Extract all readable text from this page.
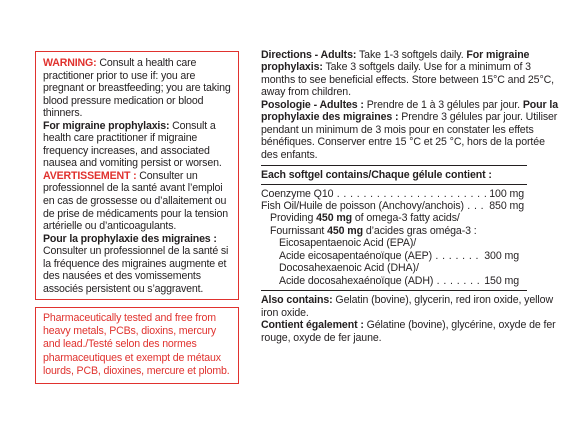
WARNING: Consult a health care practitioner prior to use if: you are pregnant or breastfeeding; you are taking blood pressure medication or blood thinners.
For migraine prophylaxis: Consult a health care practitioner if migraine frequency increases, and associated nausea and vomiting persist or worsen.
AVERTISSEMENT : Consulter un professionnel de la santé avant l’emploi en cas de grossesse ou d’allaitement ou de prise de médicaments pour la tension artérielle ou d’anticoagulants.
Pour la prophylaxie des migraines : Consulter un professionnel de la santé si la fréquence des migraines augmente et des nausées et des vomissements associés persistent ou s’aggravent.
Pharmaceutically tested and free from heavy metals, PCBs, dioxins, mercury and lead./Testé selon des normes pharmaceutiques et exempt de métaux lourds, PCB, dioxines, mercure et plomb.
Directions - Adults: Take 1-3 softgels daily. For migraine prophylaxis: Take 3 softgels daily. Use for a minimum of 3 months to see beneficial effects. Store between 15°C and 25°C, away from children.
Posologie - Adultes : Prendre de 1 à 3 gélules par jour. Pour la prophylaxie des migraines : Prendre 3 gélules par jour. Utiliser pendant un minimum de 3 mois pour en constater les effets bénéfiques. Conserver entre 15 °C et 25 °C, hors de la portée des enfants.
Each softgel contains/Chaque gélule contient :
Coenzyme Q10 . . .	100 mg
Fish Oil/Huile de poisson (Anchovy/anchois) . . .	850 mg
Providing 450 mg of omega-3 fatty acids/
Fournissant 450 mg d’acides gras oméga-3 :
Eicosapentaenoic Acid (EPA)/
Acide eicosapentaénoïque (AEP) . . .	300 mg
Docosahexaenoic Acid (DHA)/
Acide docosahexaénoïque (ADH) . . .	150 mg
Also contains: Gelatin (bovine), glycerin, red iron oxide, yellow iron oxide.
Contient également : Gélatine (bovine), glycérine, oxyde de fer rouge, oxyde de fer jaune.
